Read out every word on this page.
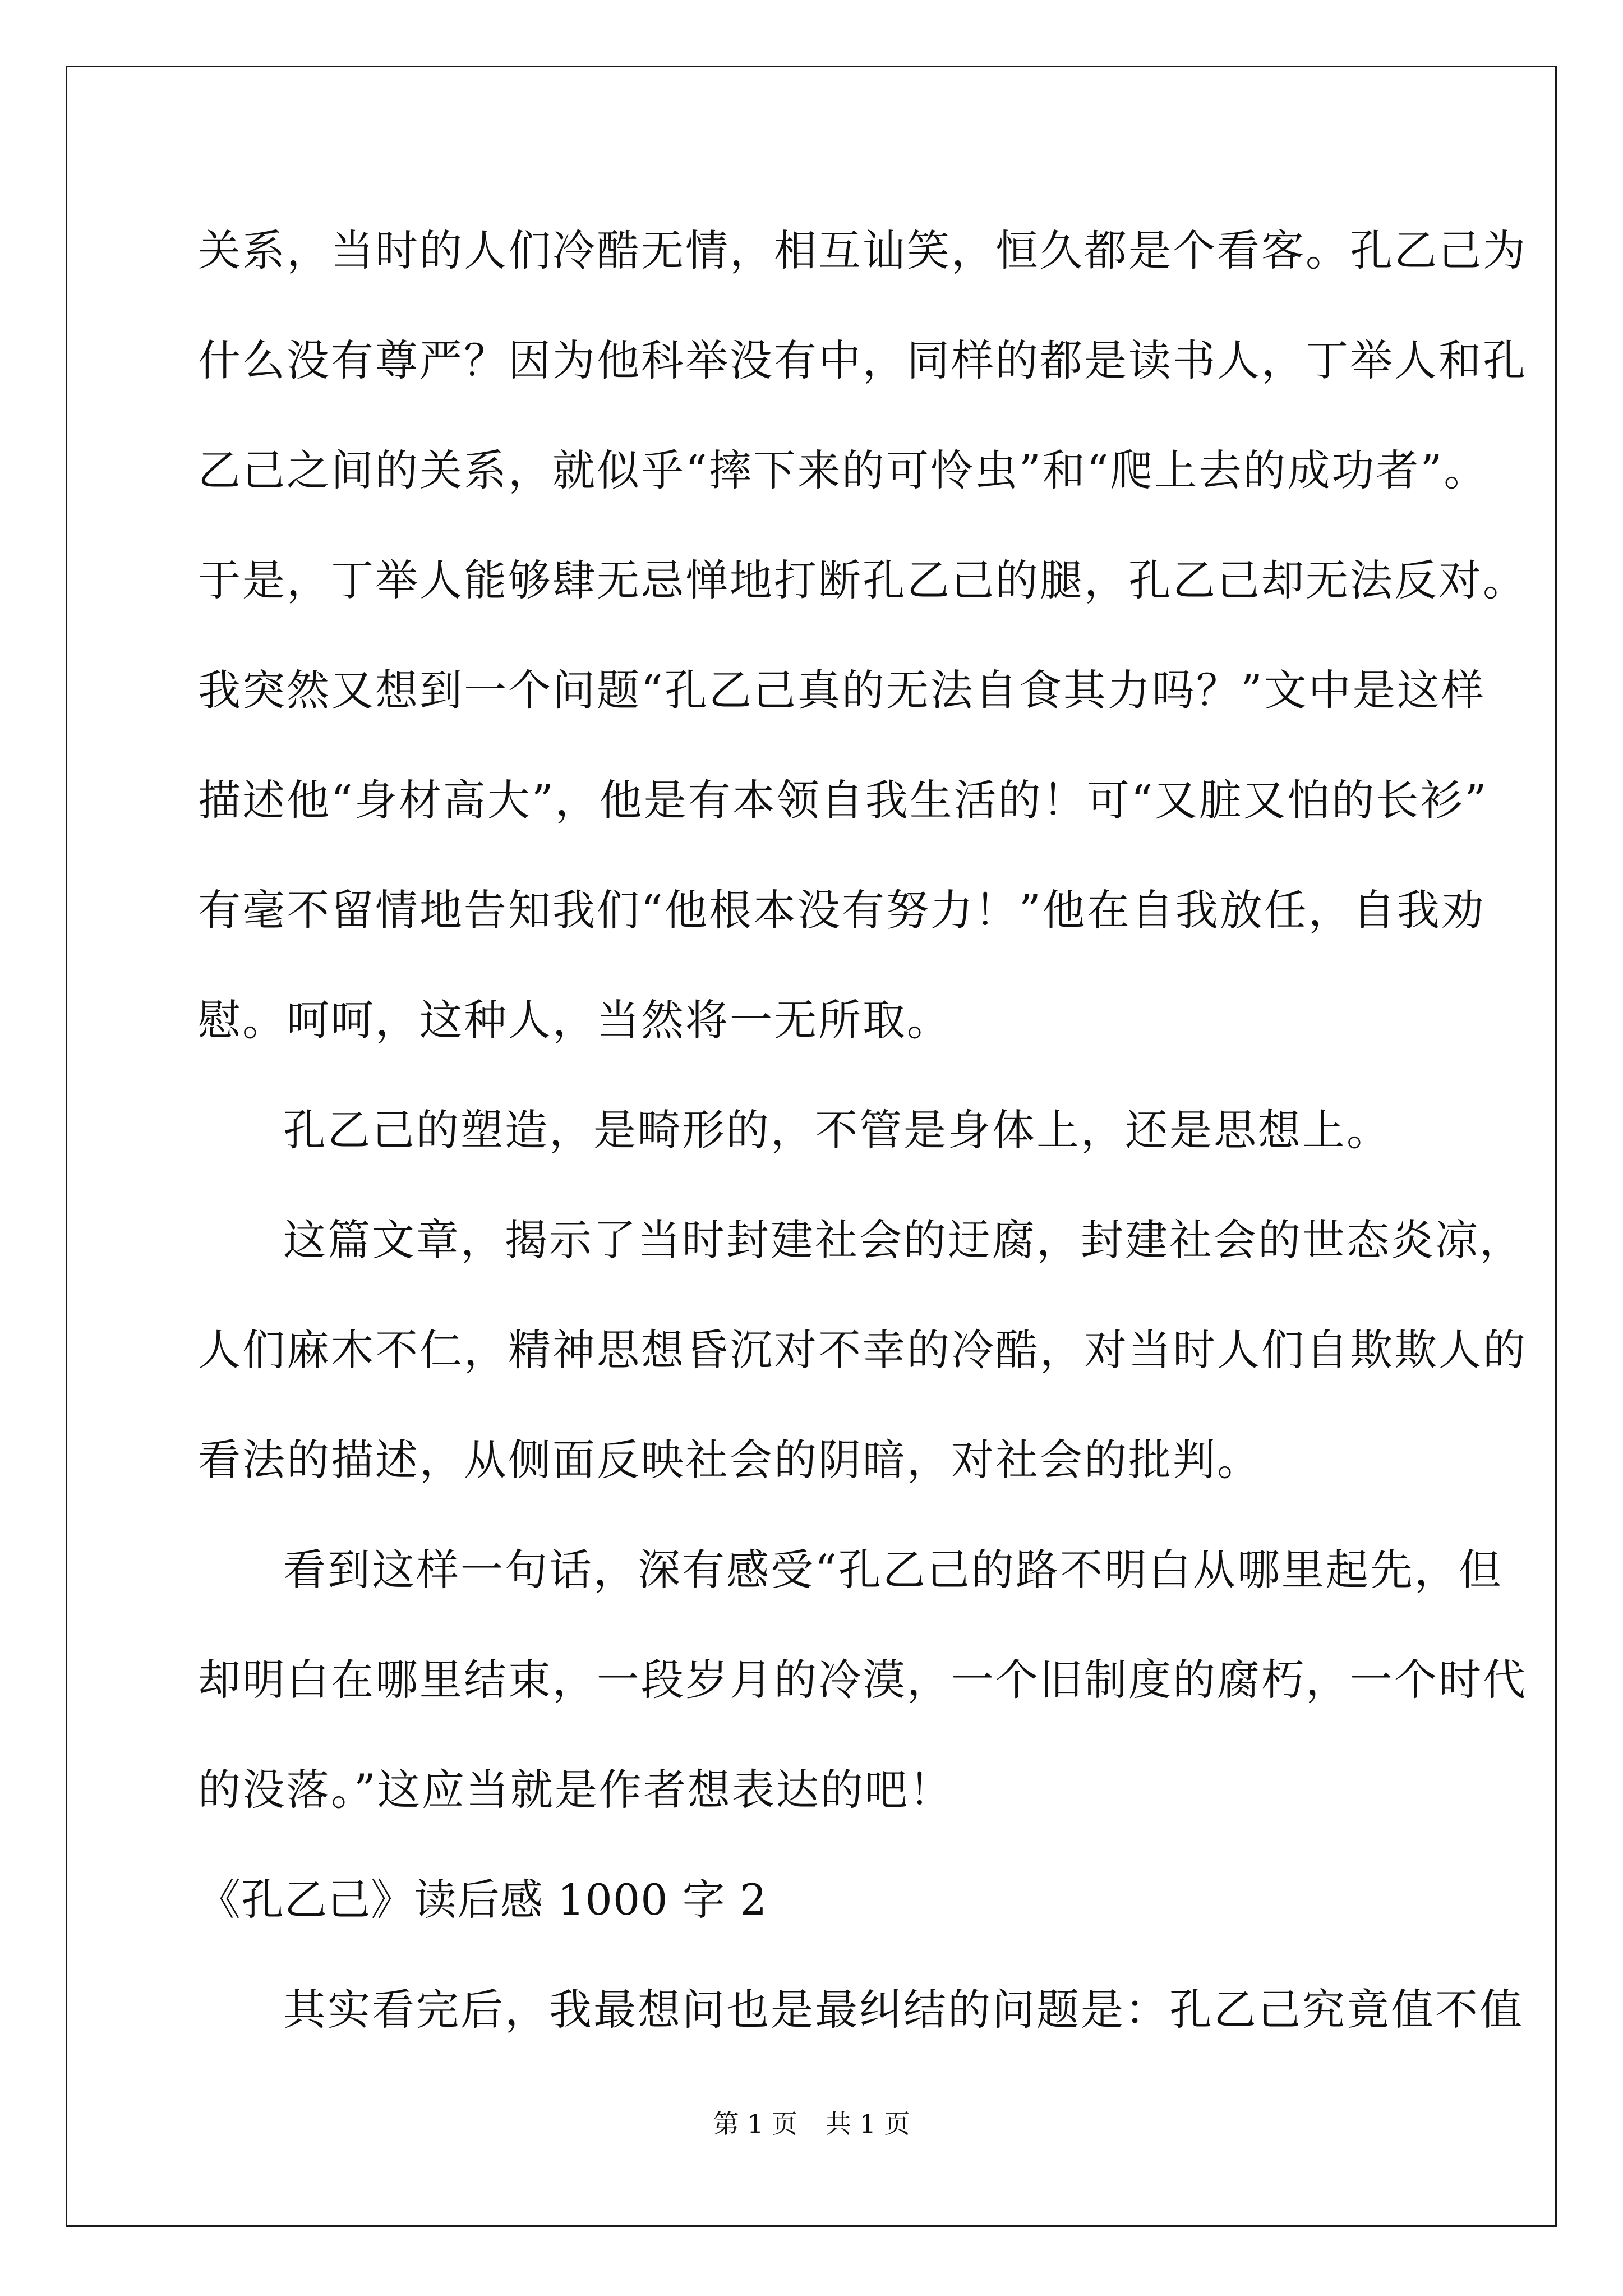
关系，当时的人们冷酷无情，相互讪笑，恒久都是个看客。孔乙己为
什么没有尊严？因为他科举没有中，同样的都是读书人，丁举人和孔
乙己之间的关系，就似乎“摔下来的可怜虫”和“爬上去的成功者”。
于是，丁举人能够肆无忌惮地打断孔乙己的腿，孔乙己却无法反对。
我突然又想到一个问题“孔乙己真的无法自食其力吗？”文中是这样
描述他“身材高大”，他是有本领自我生活的！可“又脏又怕的长衫”
有毫不留情地告知我们“他根本没有努力！”他在自我放任，自我劝
慰。呵呵，这种人，当然将一无所取。
孔乙己的塑造，是畸形的，不管是身体上，还是思想上。
这篇文章，揭示了当时封建社会的迂腐，封建社会的世态炎凉，
人们麻木不仁，精神思想昏沉对不幸的冷酷，对当时人们自欺欺人的
看法的描述，从侧面反映社会的阴暗，对社会的批判。
看到这样一句话，深有感受“孔乙己的路不明白从哪里起先，但
却明白在哪里结束，一段岁月的冷漠，一个旧制度的腐朽，一个时代
的没落。”这应当就是作者想表达的吧！
《孔乙己》读后感 1000 字 2
其实看完后，我最想问也是最纠结的问题是：孔乙己究竟值不值
第 1 页 共 1 页
